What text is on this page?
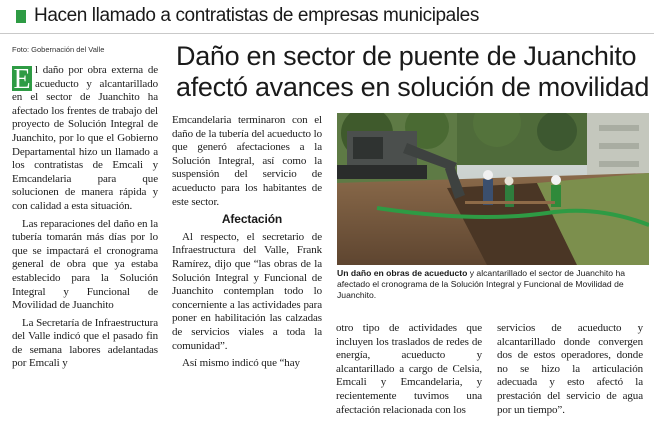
Hacen llamado a contratistas de empresas municipales
Foto: Gobernación del Valle	Daño en sector de puente de Juanchito afectó avances en solución de movilidad

E l daño por obra externa de acueducto y alcantarillado en el sector de Juanchito ha afectado los frentes de trabajo del proyecto de Solución Integral de Juanchito, por lo que el Gobierno Departamental hizo un llamado a los contratistas de Emcali y Emcandelaria para que solucionen de manera rápida y con calidad a esta situación.

Las reparaciones del daño en la tubería tomarán más días por lo que se impactará el cronograma general de obra que ya estaba establecido para la Solución Integral y Funcional de Movilidad de Juanchito

La Secretaría de Infraestructura del Valle indicó que el pasado fin de semana labores adelantadas por Emcali y

Emcandelaria terminaron con el daño de la tubería del acueducto lo que generó afectaciones a la Solución Integral, así como la suspensión del servicio de acueducto para los habitantes de este sector.

Afectación

Al respecto, el secretario de Infraestructura del Valle, Frank Ramírez, dijo que “las obras de la Solución Integral y Funcional de Juanchito contemplan todo lo concerniente a las actividades para poner en habilitación las calzadas de servicios viales a toda la comunidad”.

Así mismo indicó que “hay

Un daño en obras de acueducto y alcantarillado el sector de Juanchito ha afectado el cronograma de la Solución Integral y Funcional de Movilidad de Juanchito.

otro tipo de actividades que incluyen los traslados de redes de energía, acueducto y alcantarillado a cargo de Celsia, Emcali y Emcandelaria, y recientemente tuvimos una afectación relacionada con los

servicios de acueducto y alcantarillado donde convergen dos de estos operadores, donde no se hizo la articulación adecuada y esto afectó la prestación del servicio de agua por un tiempo”.
